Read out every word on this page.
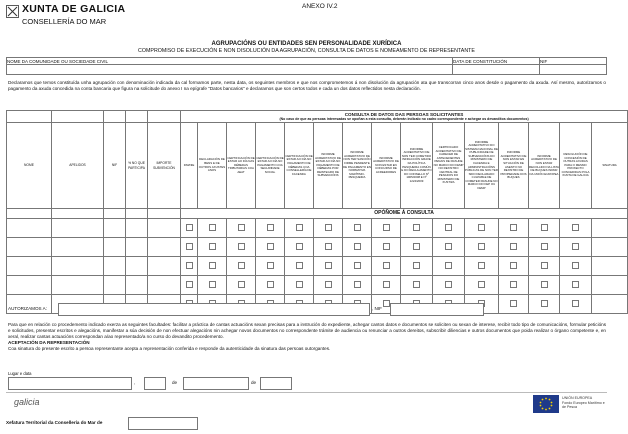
XUNTA DE GALICIA
CONSELLERÍA DO MAR
ANEXO IV.2
AGRUPACIÓNS OU ENTIDADES SEN PERSONALIDADE XURÍDICA
COMPROMISO DE EXECUCIÓN E NON DISOLUCIÓN DA AGRUPACIÓN, CONSULTA DE DATOS E NOMEAMENTO DE REPRESENTANTE
NOME DA COMUNIDADE OU SOCIEDADE CIVIL	DATA DE CONSTITUCIÓN	NIF

Declaramos que temos constituída unha agrupación con denominación indicada da cal formamos parte, nesta data, os seguintes membros e que nos comprometemos á non disolución da agrupación ata que transcorran cinco anos desde o pagamento da axuda. Así mesmo, autorizamos o pagamento da axuda concedida na conta bancaria que figura na solicitude do anexo I na epígrafe "Datos bancarios" e declaramos que son certos todos e cada un dos datos reflectidos nesta declaración.

					CONSULTA DE DATOS DAS PERSOAS SOLICITANTES
(No caso de que as persoas interesadas se opoñan a esta consulta, deberán indicalo no cadro correspondente e achegar os devanditos documentos)														

NOME	APELIDOS	NIF	% NO QUE PARTICIPA	IMPORTE SUBVENCIÓN	DNI/NIE	DECLARACIÓN DE BENS E DE OUTROS AXUSTES ANOS	CERTIFICACIÓN DE ESTAR AO DÍA NAS DÉBEDAS TRIBUTARIAS COA AEAT	CERTIFICACIÓN DE ESTAR AO DÍA NO PAGAMENTO COA SEGURIDADE SOCIAL	CERTIFICACIÓN DE ESTAR AO DÍA NO PAGAMENTO DE DÉBEDAS COA CONSELLERÍA DE FACENDA	INFORME ACREDITATIVO DE ESTAR AO DÍA NO PAGAMENTO DE DÉBEDAS POR REINTEGRO DE SUBVENCIÓNS	INFORME ACREDITATIVO DE NON TER SANCIÓN FIRME PENDENTE DE PAGAMENTO EN NORMATIVA MARÍTIMO-PESQUEIRA	INFORME ACREDITATIVO DE NON ESTAR EN CONCURSO DE ACREEDORES	INFORME ACREDITATIVO DE NON TER COMETIDO INFRACCIÓN GRAVE DA POLÍTICA PESQUEIRA COMÚN E DO REGULAMENTO DO CONSELLO Nº 1005/2008 E Nº 1224/2009	CERTIFICADO ACREDITATIVO DE CARECER DE ANTECEDENTES PENAIS DE FRAUDE NO MARCO DO FEMP NO REXISTRO CENTRAL DE PENADOS DO MINISTERIO DE XUSTIZA	INFORME ACREDITATIVO DO SISTEMA NACIONAL DE PUBLICIDADE DE SUBVENCIÓNS DO MINISTERIO DE FACENDA E ADMINISTRACIÓNS PÚBLICAS DE NON TER SIDO DECLARADO CULPABLE DE COMETER FRAUDE NO MARCO DO FEP OU FEMP	INFORME ACREDITATIVO DE NON ESTAR EN SITUACIÓN DE ASENTO NO REXISTRO DE PROPIEDADE DOS BUQUES	INFORME ACREDITATIVO DE NON ESTAR RECOLLIDO NA LISTA DE BUQUES INDNR DA UNIÓN EUROPEA	RESOLUCIÓN DE CONCESIÓN DE OUTRAS AXUDAS PARA O MESMO PROXECTO CONCEDIDAS POLA XUNTA DE GALICIA	SINATURA
					OPÓÑOME Á CONSULTA														

AUTORIZAMOS A:	, NIF
Para que en relación co procedemento indicado exerza as seguintes facultades: facilitar a práctica de cantas actuacións sexan precisas para a instrución do expediente, achegar cantos datos e documentos se soliciten ou sexan de interese, recibir todo tipo de comunicacións, formular peticións e solicitudes, presentar escritos e alegacións, manifestar a súa decisión de non efectuar alegacións nin achegar novos documentos no correspondente trámite de audiencia ou renunciar a outros dereitos, subscribir diliencias e outros documentos que poida realizar o órgano competente e, en xeral, realizar cantas actuacións correspondan a/ao representado/a no curso do devandito procedemento.
ACEPTACIÓN DA REPRESENTACIÓN
Coa sinatura do presente escrito a persoa representante acepta a representación conferida e responde da autenticidade da sinatura das persoas outorgantes.
Lugar e data
,	de	de
galicia	UNIÓN EUROPEA
Fondo Europeo Marítimo e de Pesca
Xefatura Territorial da Consellería do Mar de
